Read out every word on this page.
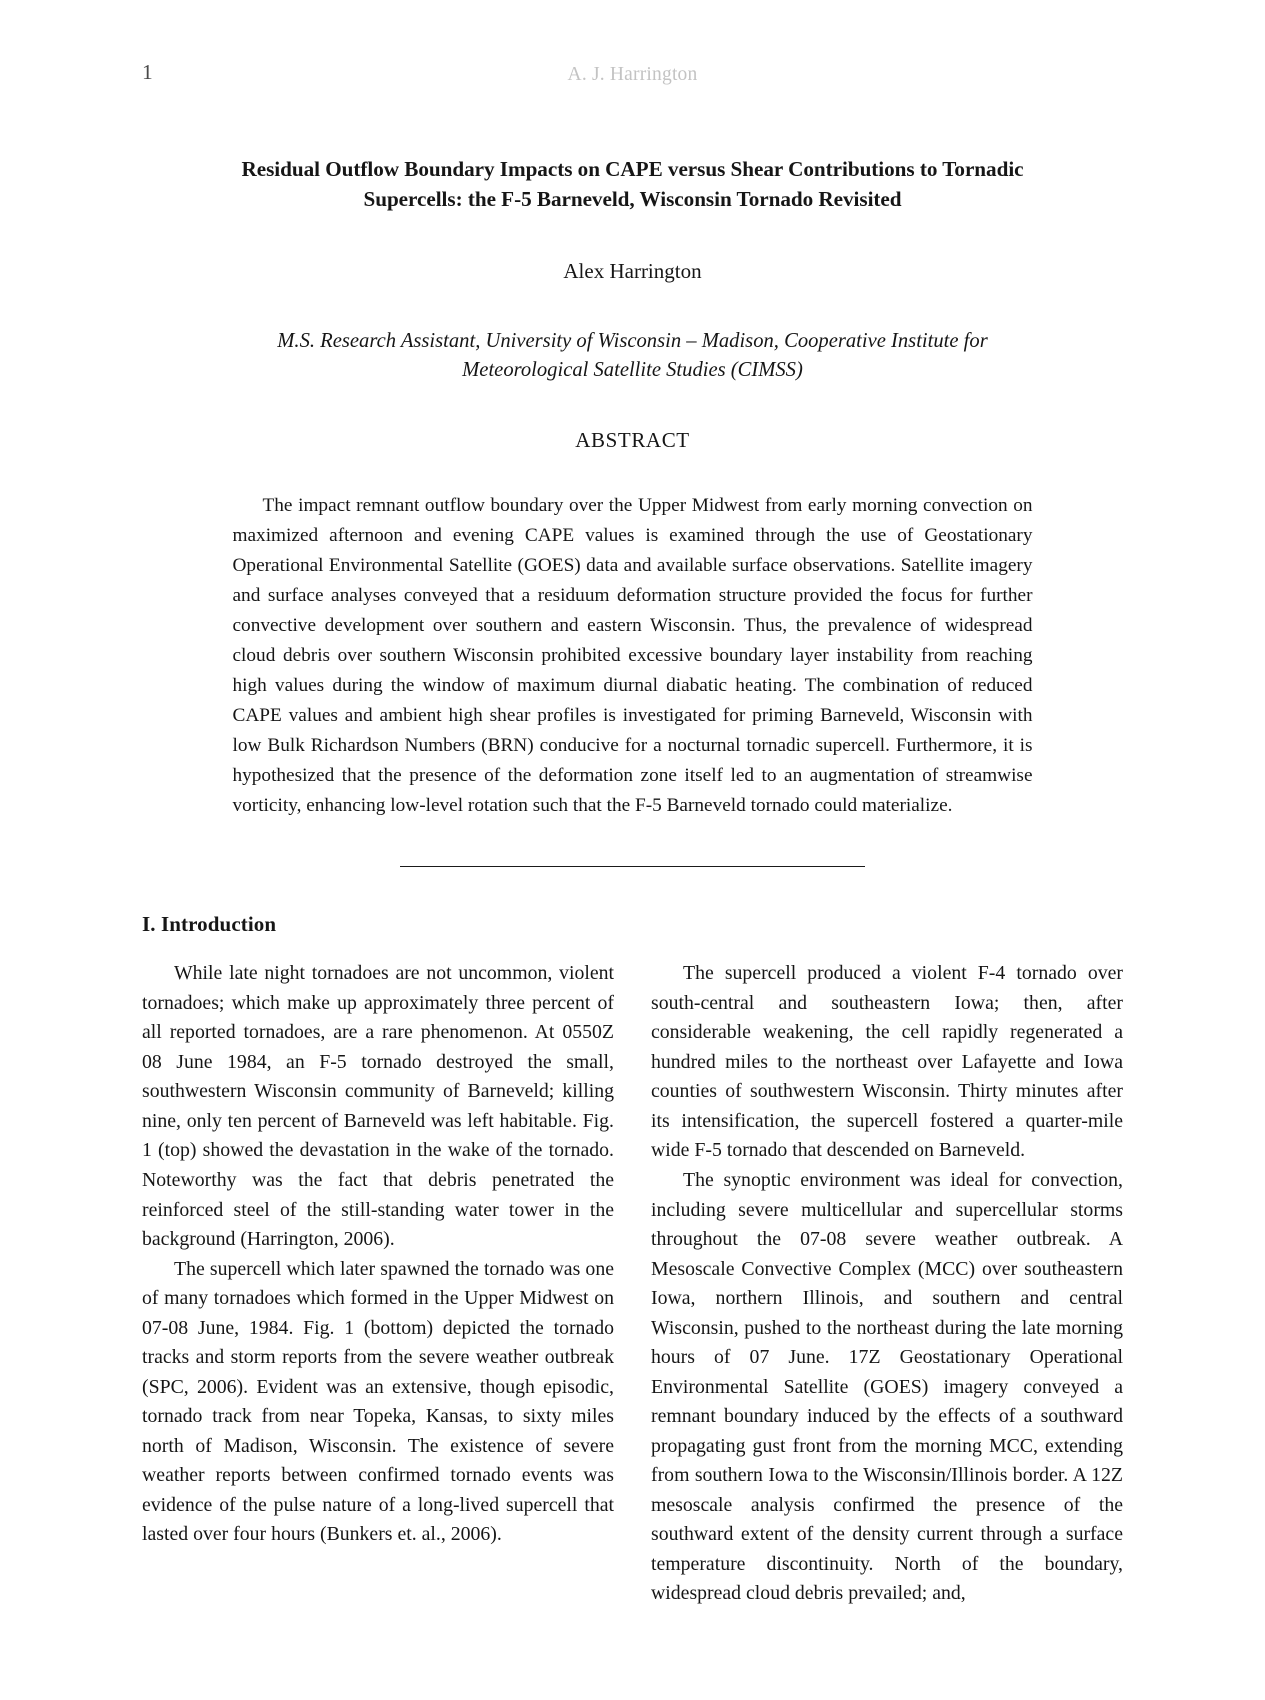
1	A. J. Harrington
Residual Outflow Boundary Impacts on CAPE versus Shear Contributions to Tornadic Supercells: the F-5 Barneveld, Wisconsin Tornado Revisited
Alex Harrington
M.S. Research Assistant, University of Wisconsin – Madison, Cooperative Institute for Meteorological Satellite Studies (CIMSS)
ABSTRACT
The impact remnant outflow boundary over the Upper Midwest from early morning convection on maximized afternoon and evening CAPE values is examined through the use of Geostationary Operational Environmental Satellite (GOES) data and available surface observations. Satellite imagery and surface analyses conveyed that a residuum deformation structure provided the focus for further convective development over southern and eastern Wisconsin. Thus, the prevalence of widespread cloud debris over southern Wisconsin prohibited excessive boundary layer instability from reaching high values during the window of maximum diurnal diabatic heating. The combination of reduced CAPE values and ambient high shear profiles is investigated for priming Barneveld, Wisconsin with low Bulk Richardson Numbers (BRN) conducive for a nocturnal tornadic supercell. Furthermore, it is hypothesized that the presence of the deformation zone itself led to an augmentation of streamwise vorticity, enhancing low-level rotation such that the F-5 Barneveld tornado could materialize.
I. Introduction

While late night tornadoes are not uncommon, violent tornadoes; which make up approximately three percent of all reported tornadoes, are a rare phenomenon. At 0550Z 08 June 1984, an F-5 tornado destroyed the small, southwestern Wisconsin community of Barneveld; killing nine, only ten percent of Barneveld was left habitable. Fig. 1 (top) showed the devastation in the wake of the tornado. Noteworthy was the fact that debris penetrated the reinforced steel of the still-standing water tower in the background (Harrington, 2006).

The supercell which later spawned the tornado was one of many tornadoes which formed in the Upper Midwest on 07-08 June, 1984. Fig. 1 (bottom) depicted the tornado tracks and storm reports from the severe weather outbreak (SPC, 2006). Evident was an extensive, though episodic, tornado track from near Topeka, Kansas, to sixty miles north of Madison, Wisconsin. The existence of severe weather reports between confirmed tornado events was evidence of the pulse nature of a long-lived supercell that lasted over four hours (Bunkers et. al., 2006).

The supercell produced a violent F-4 tornado over south-central and southeastern Iowa; then, after considerable weakening, the cell rapidly regenerated a hundred miles to the northeast over Lafayette and Iowa counties of southwestern Wisconsin. Thirty minutes after its intensification, the supercell fostered a quarter-mile wide F-5 tornado that descended on Barneveld.

The synoptic environment was ideal for convection, including severe multicellular and supercellular storms throughout the 07-08 severe weather outbreak. A Mesoscale Convective Complex (MCC) over southeastern Iowa, northern Illinois, and southern and central Wisconsin, pushed to the northeast during the late morning hours of 07 June. 17Z Geostationary Operational Environmental Satellite (GOES) imagery conveyed a remnant boundary induced by the effects of a southward propagating gust front from the morning MCC, extending from southern Iowa to the Wisconsin/Illinois border. A 12Z mesoscale analysis confirmed the presence of the southward extent of the density current through a surface temperature discontinuity. North of the boundary, widespread cloud debris prevailed; and,
